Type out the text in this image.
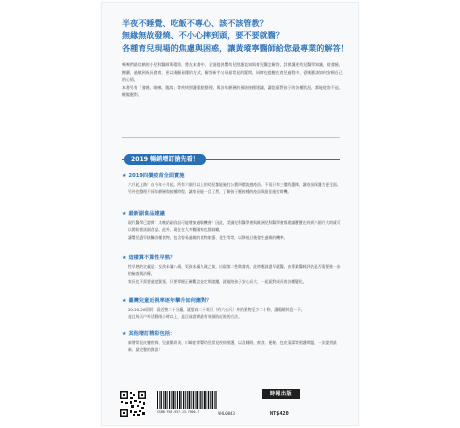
半夜不睡覺、吃飯不專心、該不該管教？
無緣無故發燒、不小心摔到頭，要不要就醫？
各種育兒現場的焦慮與困惑，讓黃瑽寧醫師給您最專業的解答！

嗎嗎們最信賴的小兒科醫師黃瑽寧，將在本書中，全面提供嬰幼兒照護直知與育兒觀念解答，詳實講述幼兒醫學知識，從發燒、餵藥、過敏到成長發育，更以淺顯易懂的方式，解答新手父母最常見的疑問，同時也提醒在育兒過程中，爸媽應該如何安頓自己的心情。

本書另有「發燒、咳嗽、腹瀉」等疾病照護重點整理，與各年齡層的預防接種建議，讓您面對孩子的各種狀況，都能從容不迫、輕鬆應對。

2019 暢銷增訂搶先看！
★ 2019四價疫苗全面實施

六月起上路！自今年十月起，所有六個月以上的幼兒都能施打公費四價流感疫苗，不再只有三價的選擇，讓疫苗保護力更全面。

另外也整理不同年齡層與接種時程，讓家長能一目了然，了解孩子應接種的疫苗與最佳施打時機。

★ 最新副食品建議

現代醫學已證實：太晚給副食品可能增加過敏機會！因此，美國兒科醫學會與歐洲兒科醫學會都建議寶寶在四到六個月大時就可以開始嘗試副食品，此外，現在在大多數國家也都鼓勵，

讓嬰兒盡早接觸各種食物，包含容易過敏的食物如蛋、花生等等，以降低日後發生過敏的機率。

★ 這樣算不算性早熟？

性早熟的定義是：女孩未滿八歲、男孩未滿九歲之前，出現第二性徵發育。此時應該盡早就醫，由專業醫師評估是否需要進一步的檢查與治療。

家長也不需要過度緊張，只要掌握正確觀念並定期追蹤，就能陪孩子安心長大、一起面對成長的各種變化。

★ 臺灣兒童近視率逐年攀升如何應對？

20-20-20原則：看近物二十分鐘，就望向二十英尺（約六公尺）外的景物至少二十秒，讓眼睛休息一下。

並且每天戶外活動兩小時以上，是目前證實最有效預防近視的方法。

★ 其他增訂精彩包括：

新增常見皮膚疾病、兒童腸胃炎、川崎症等嬰幼兒常見疾病照護，以及睡眠、飲食、便秘、包皮清潔等照護問題，一次提供最新、最完整的資訊！

ISBN 978-957-13-7900-7
時報出版
VHL0043	NT$420
